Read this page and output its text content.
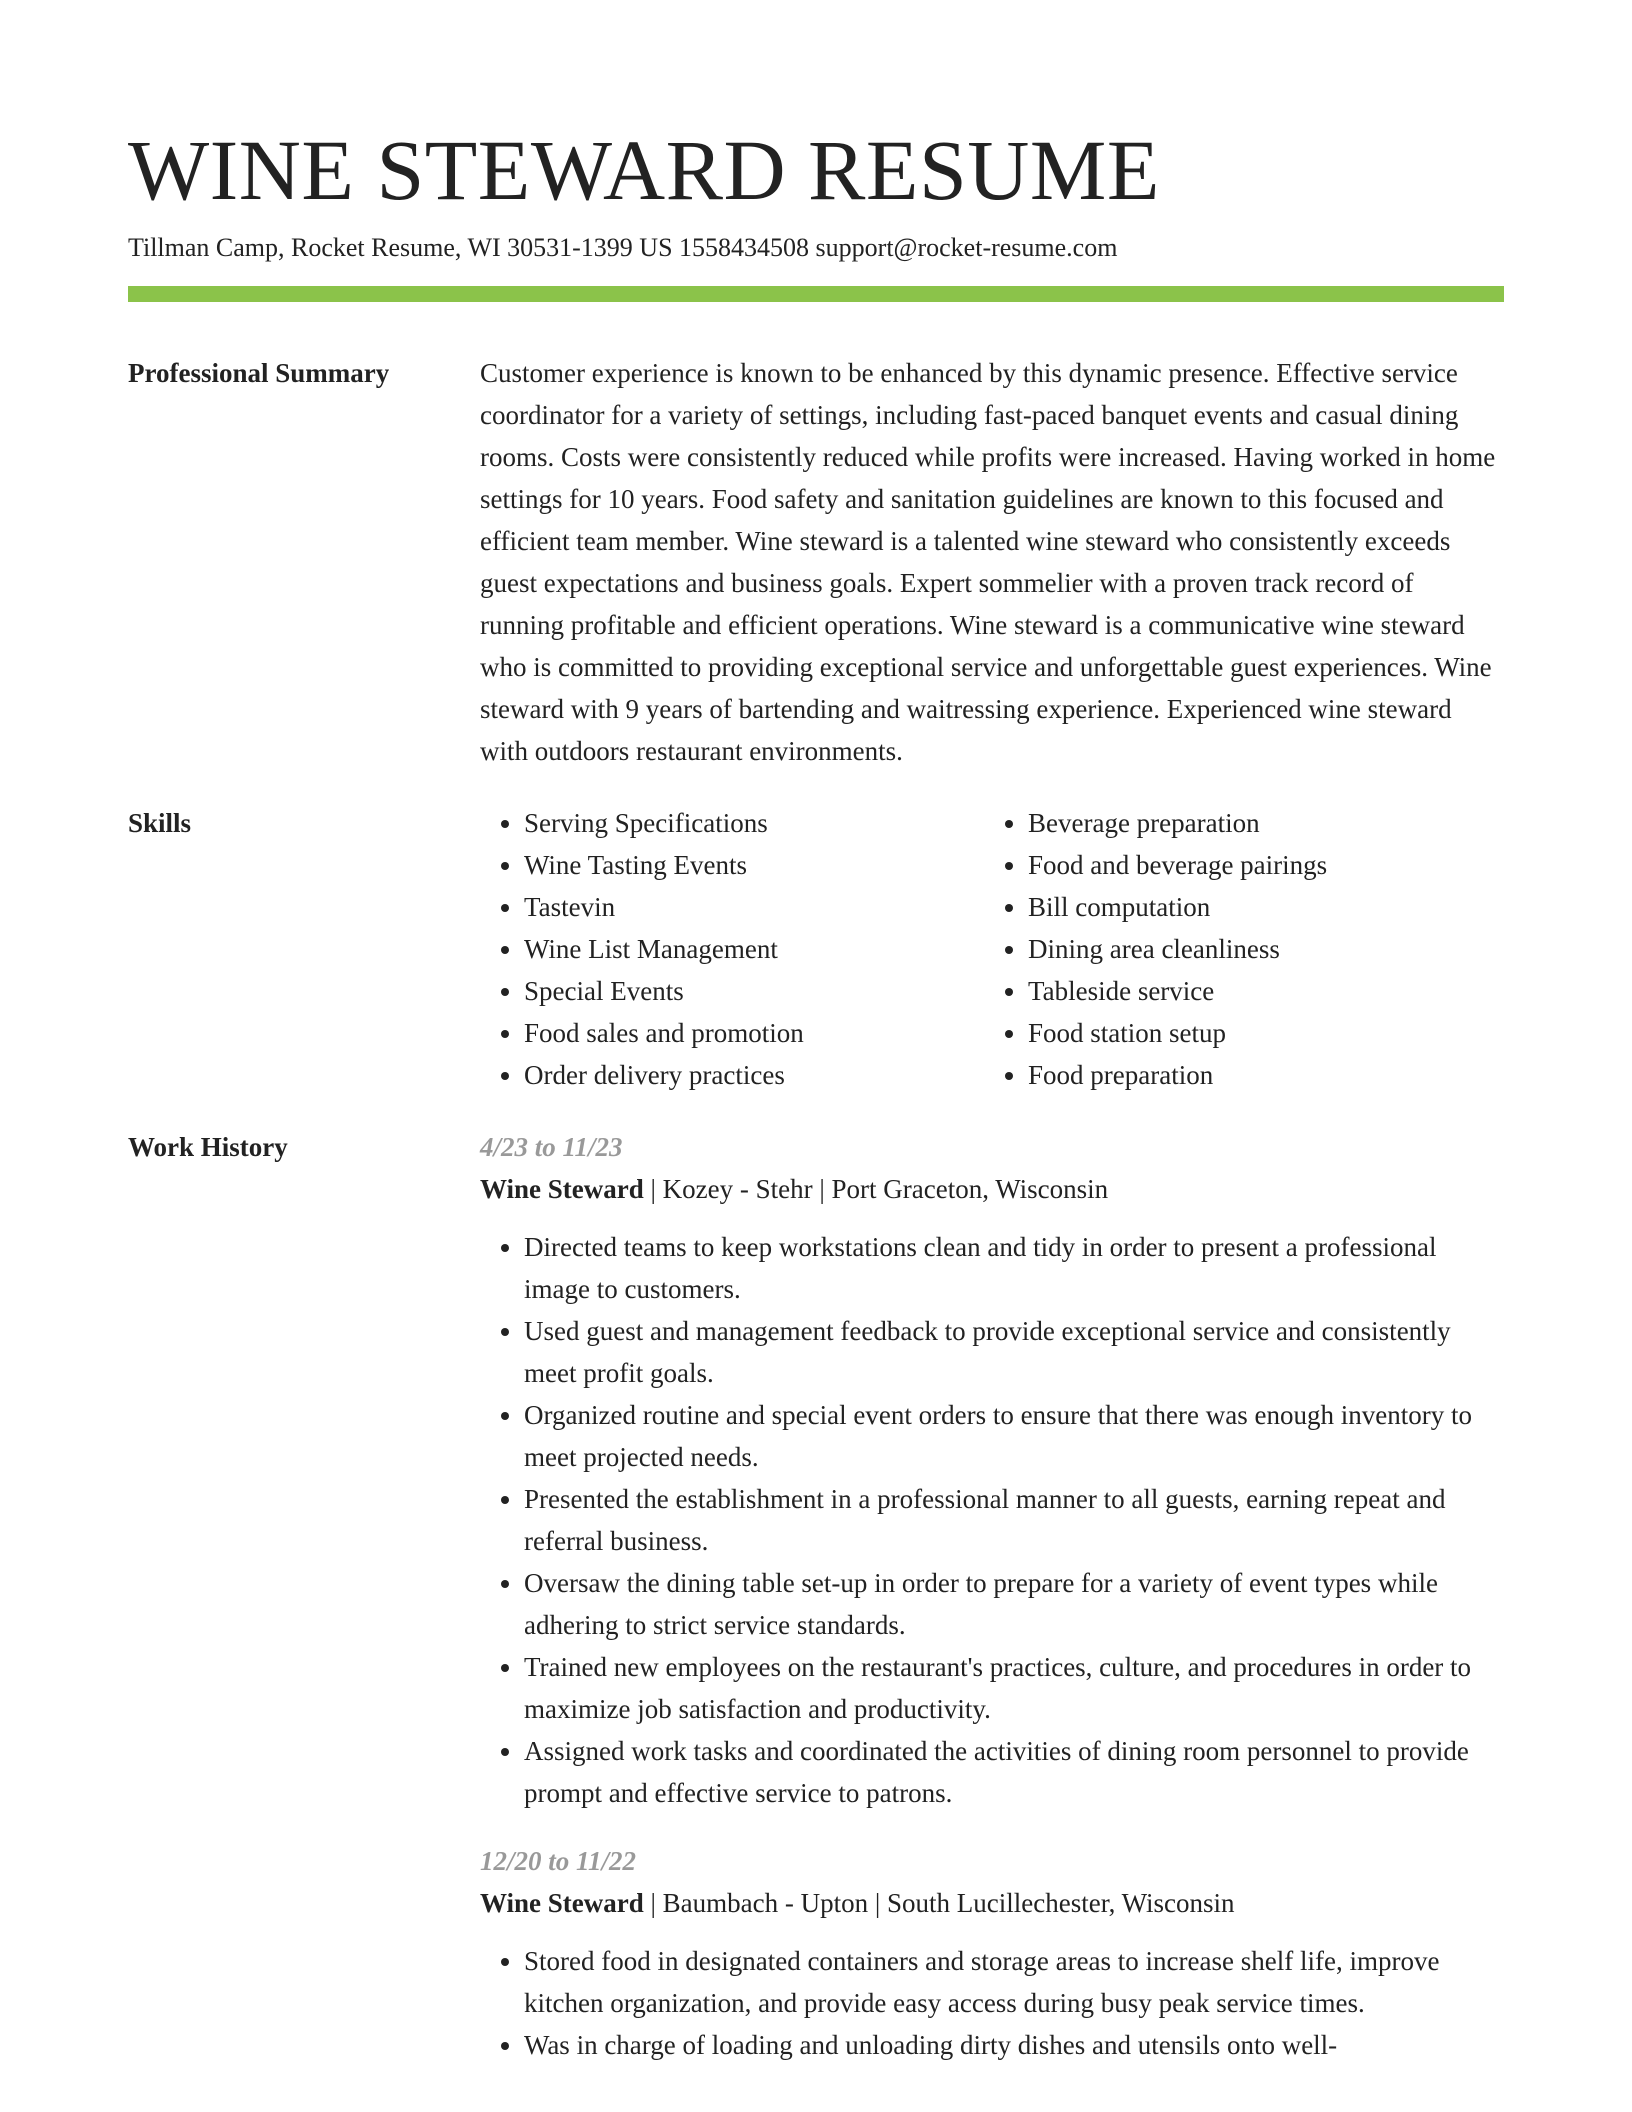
WINE STEWARD RESUME
Tillman Camp, Rocket Resume, WI 30531-1399 US 1558434508 support@rocket-resume.com
Professional Summary	Customer experience is known to be enhanced by this dynamic presence. Effective service coordinator for a variety of settings, including fast-paced banquet events and casual dining rooms. Costs were consistently reduced while profits were increased. Having worked in home settings for 10 years. Food safety and sanitation guidelines are known to this focused and efficient team member. Wine steward is a talented wine steward who consistently exceeds guest expectations and business goals. Expert sommelier with a proven track record of running profitable and efficient operations. Wine steward is a communicative wine steward who is committed to providing exceptional service and unforgettable guest experiences. Wine steward with 9 years of bartending and waitressing experience. Experienced wine steward with outdoors restaurant environments.

Skills
•	Serving Specifications
• Wine Tasting Events
• Tastevin
• Wine List Management
• Special Events
• Food sales and promotion
• Order delivery practices
• Beverage preparation
• Food and beverage pairings
• Bill computation
• Dining area cleanliness
• Tableside service
• Food station setup
• Food preparation
Work History	4/23 to 11/23
Wine Steward | Kozey - Stehr | Port Graceton, Wisconsin
• Directed teams to keep workstations clean and tidy in order to present a professional image to customers.
• Used guest and management feedback to provide exceptional service and consistently meet profit goals.
• Organized routine and special event orders to ensure that there was enough inventory to meet projected needs.
• Presented the establishment in a professional manner to all guests, earning repeat and referral business.
• Oversaw the dining table set-up in order to prepare for a variety of event types while adhering to strict service standards.
• Trained new employees on the restaurant's practices, culture, and procedures in order to maximize job satisfaction and productivity.
• Assigned work tasks and coordinated the activities of dining room personnel to provide prompt and effective service to patrons.
12/20 to 11/22
Wine Steward | Baumbach - Upton | South Lucillechester, Wisconsin
• Stored food in designated containers and storage areas to increase shelf life, improve kitchen organization, and provide easy access during busy peak service times.
• Was in charge of loading and unloading dirty dishes and utensils onto well-
